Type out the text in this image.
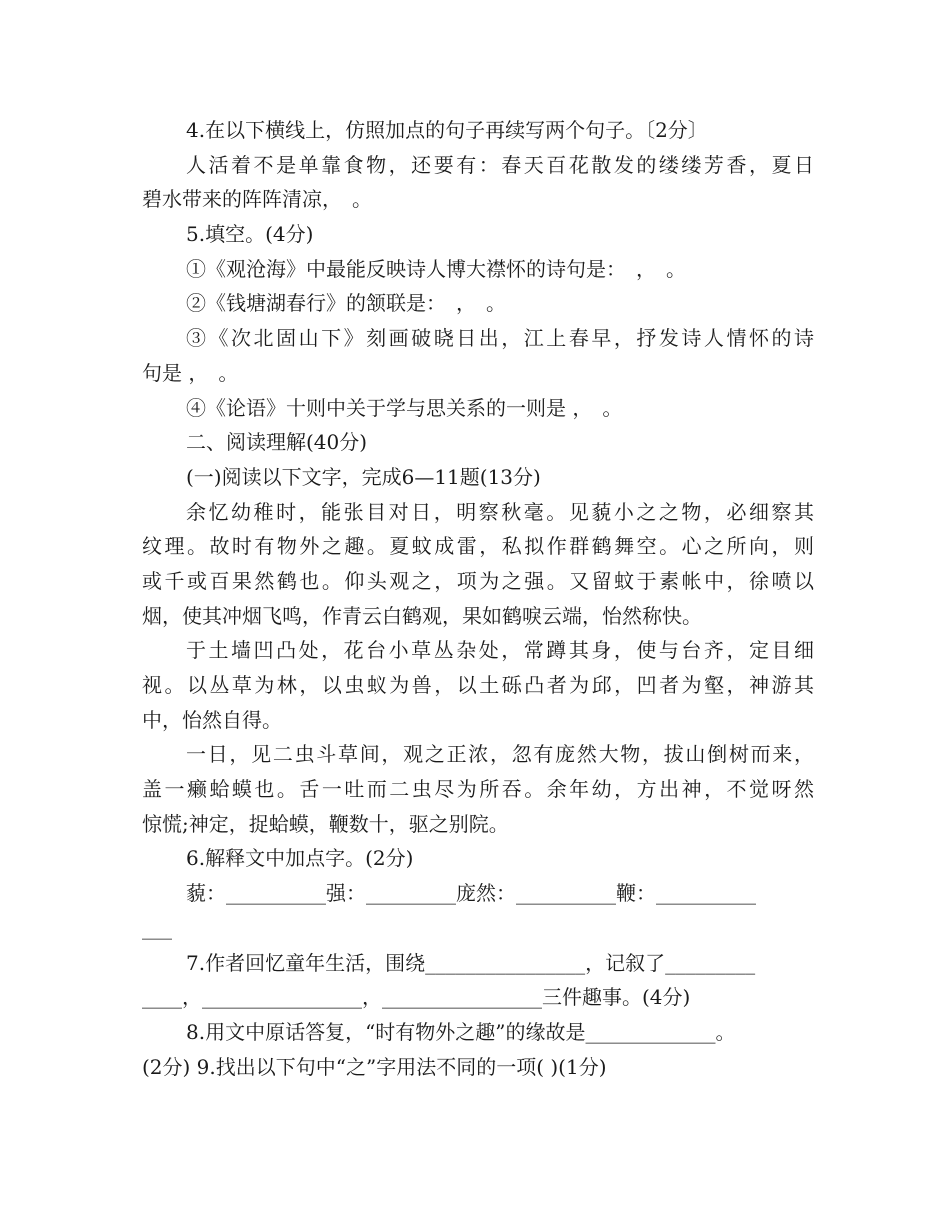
4.在以下横线上，仿照加点的句子再续写两个句子。〔2分〕
人活着不是单靠食物，还要有：春天百花散发的缕缕芳香，夏日
碧水带来的阵阵清凉，　。
5.填空。(4分)
①《观沧海》中最能反映诗人博大襟怀的诗句是：　，　。
②《钱塘湖春行》的颔联是：　，　。
③《次北固山下》刻画破晓日出，江上春早，抒发诗人情怀的诗
句是 ，　。
④《论语》十则中关于学与思关系的一则是 ，　。
二、阅读理解(40分)
(一)阅读以下文字，完成6—11题(13分)
余忆幼稚时，能张目对日，明察秋毫。见藐小之之物，必细察其
纹理。故时有物外之趣。夏蚊成雷，私拟作群鹤舞空。心之所向，则
或千或百果然鹤也。仰头观之，项为之强。又留蚊于素帐中，徐喷以
烟，使其冲烟飞鸣，作青云白鹤观，果如鹤唳云端，怡然称快。
于土墙凹凸处，花台小草丛杂处，常蹲其身，使与台齐，定目细
视。以丛草为林，以虫蚁为兽，以土砾凸者为邱，凹者为壑，神游其
中，怡然自得。
一日，见二虫斗草间，观之正浓，忽有庞然大物，拔山倒树而来，
盖一癞蛤蟆也。舌一吐而二虫尽为所吞。余年幼，方出神，不觉呀然
惊慌;神定，捉蛤蟆，鞭数十，驱之别院。
6.解释文中加点字。(2分)
藐：__________强：_________庞然：__________鞭：__________
___
7.作者回忆童年生活，围绕________________，记叙了_________
____，________________，________________三件趣事。(4分)
8.用文中原话答复，“时有物外之趣”的缘故是_____________。
(2分) 9.找出以下句中“之”字用法不同的一项( )(1分)
